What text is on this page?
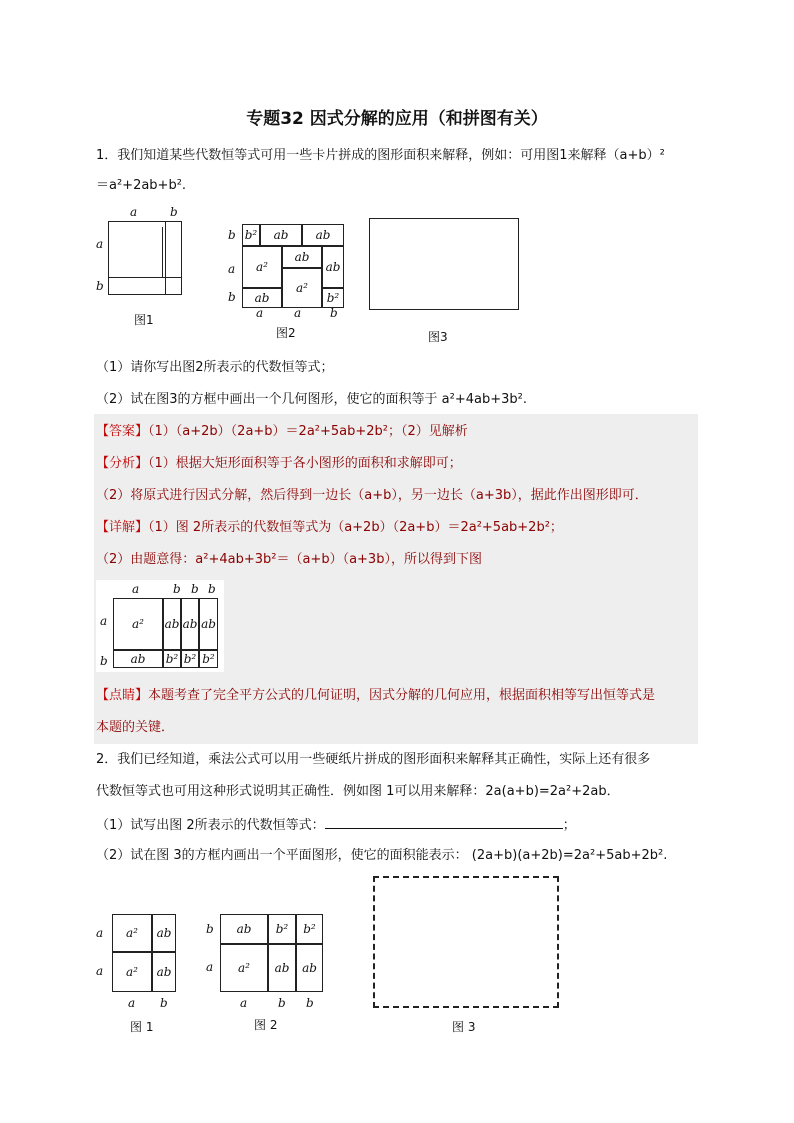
专题32 因式分解的应用（和拼图有关）
1．我们知道某些代数恒等式可用一些卡片拼成的图形面积来解释，例如：可用图1来解释（a+b）²
＝a²+2ab+b².
a	b
a
b
图1
b² ab ab
a²
ab
ab
a²
ab	b²
b
a
b
a	a b
图2	图3
（1）请你写出图2所表示的代数恒等式；
（2）试在图3的方框中画出一个几何图形，使它的面积等于 a²+4ab+3b².
【答案】（1）（a+2b）（2a+b）＝2a²+5ab+2b²；（2）见解析
【分析】（1）根据大矩形面积等于各小图形的面积和求解即可；
（2）将原式进行因式分解，然后得到一边长（a+b），另一边长（a+3b），据此作出图形即可．
【详解】（1）图 2所表示的代数恒等式为（a+2b）（2a+b）＝2a²+5ab+2b²；
（2）由题意得：a²+4ab+3b²＝（a+b）（a+3b），所以得到下图
a	b b b
a
b
a² ab ab ab
ab b² b² b²
【点睛】本题考查了完全平方公式的几何证明，因式分解的几何应用，根据面积相等写出恒等式是
本题的关键．
2．我们已经知道，乘法公式可以用一些硬纸片拼成的图形面积来解释其正确性，实际上还有很多
代数恒等式也可用这种形式说明其正确性．例如图 1可以用来解释：2a(a+b)=2a²+2ab．
（1）试写出图 2所表示的代数恒等式：	；
（2）试在图 3的方框内画出一个平面图形，使它的面积能表示： (2a+b)(a+2b)=2a²+5ab+2b².
a
a
a² ab
a² ab
a b
图 1
b
a
ab b² b²
a² ab ab
a	b b
图 2	图 3
